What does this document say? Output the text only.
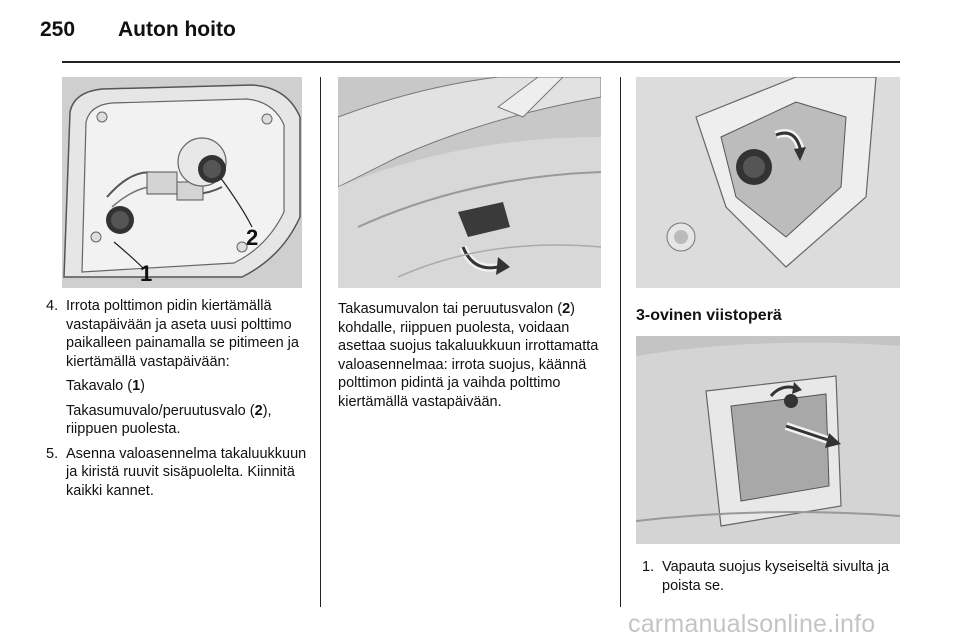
250 Auton hoito
1
2
4. Irrota polttimon pidin kiertämällä vastapäivään ja aseta uusi polttimo paikalleen painamalla se pitimeen ja kiertämällä vastapäivään:
Takavalo (1)
Takasumuvalo/peruutusvalo (2), riippuen puolesta.
5. Asenna valoasennelma takaluukkuun ja kiristä ruuvit sisäpuolelta. Kiinnitä kaikki kannet.

Takasumuvalon tai peruutusvalon (2) kohdalle, riippuen puolesta, voidaan asettaa suojus takaluukkuun irrottamatta valoasennelmaa: irrota suojus, käännä polttimon pidintä ja vaihda polttimo kiertämällä vastapäivään.

3-ovinen viistoperä
1. Vapauta suojus kyseiseltä sivulta ja poista se.
carmanualsonline.info
